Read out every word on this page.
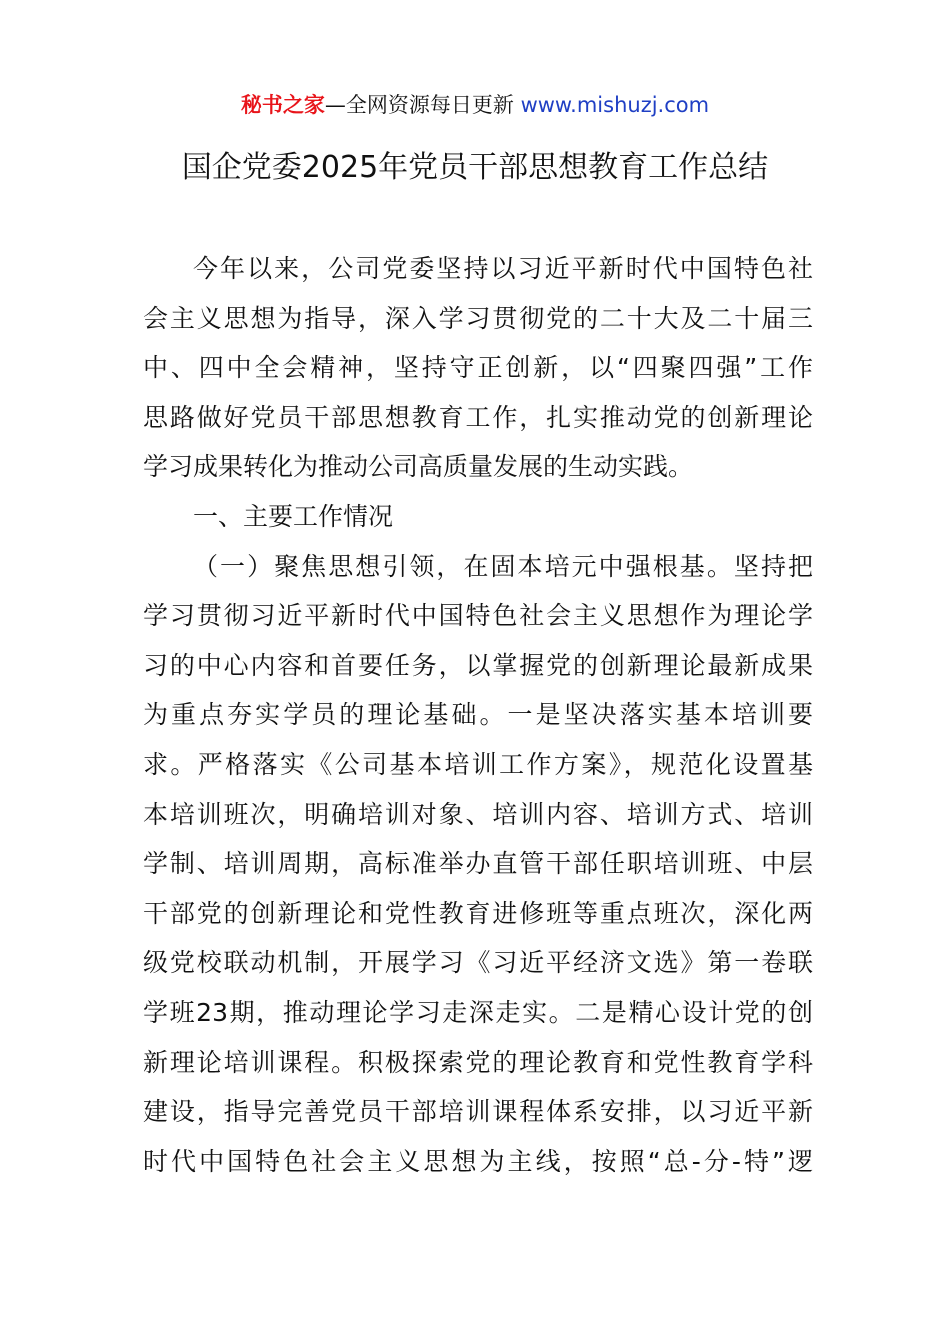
秘书之家—全网资源每日更新 www.mishuzj.com
国企党委2025年党员干部思想教育工作总结
今年以来，公司党委坚持以习近平新时代中国特色社
会主义思想为指导，深入学习贯彻党的二十大及二十届三
中、四中全会精神，坚持守正创新，以“四聚四强”工作
思路做好党员干部思想教育工作，扎实推动党的创新理论
学习成果转化为推动公司高质量发展的生动实践。
一、主要工作情况
（一）聚焦思想引领，在固本培元中强根基。坚持把
学习贯彻习近平新时代中国特色社会主义思想作为理论学
习的中心内容和首要任务，以掌握党的创新理论最新成果
为重点夯实学员的理论基础。一是坚决落实基本培训要
求。严格落实《公司基本培训工作方案》，规范化设置基
本培训班次，明确培训对象、培训内容、培训方式、培训
学制、培训周期，高标准举办直管干部任职培训班、中层
干部党的创新理论和党性教育进修班等重点班次，深化两
级党校联动机制，开展学习《习近平经济文选》第一卷联
学班23期，推动理论学习走深走实。二是精心设计党的创
新理论培训课程。积极探索党的理论教育和党性教育学科
建设，指导完善党员干部培训课程体系安排，以习近平新
时代中国特色社会主义思想为主线，按照“总-分-特”逻
